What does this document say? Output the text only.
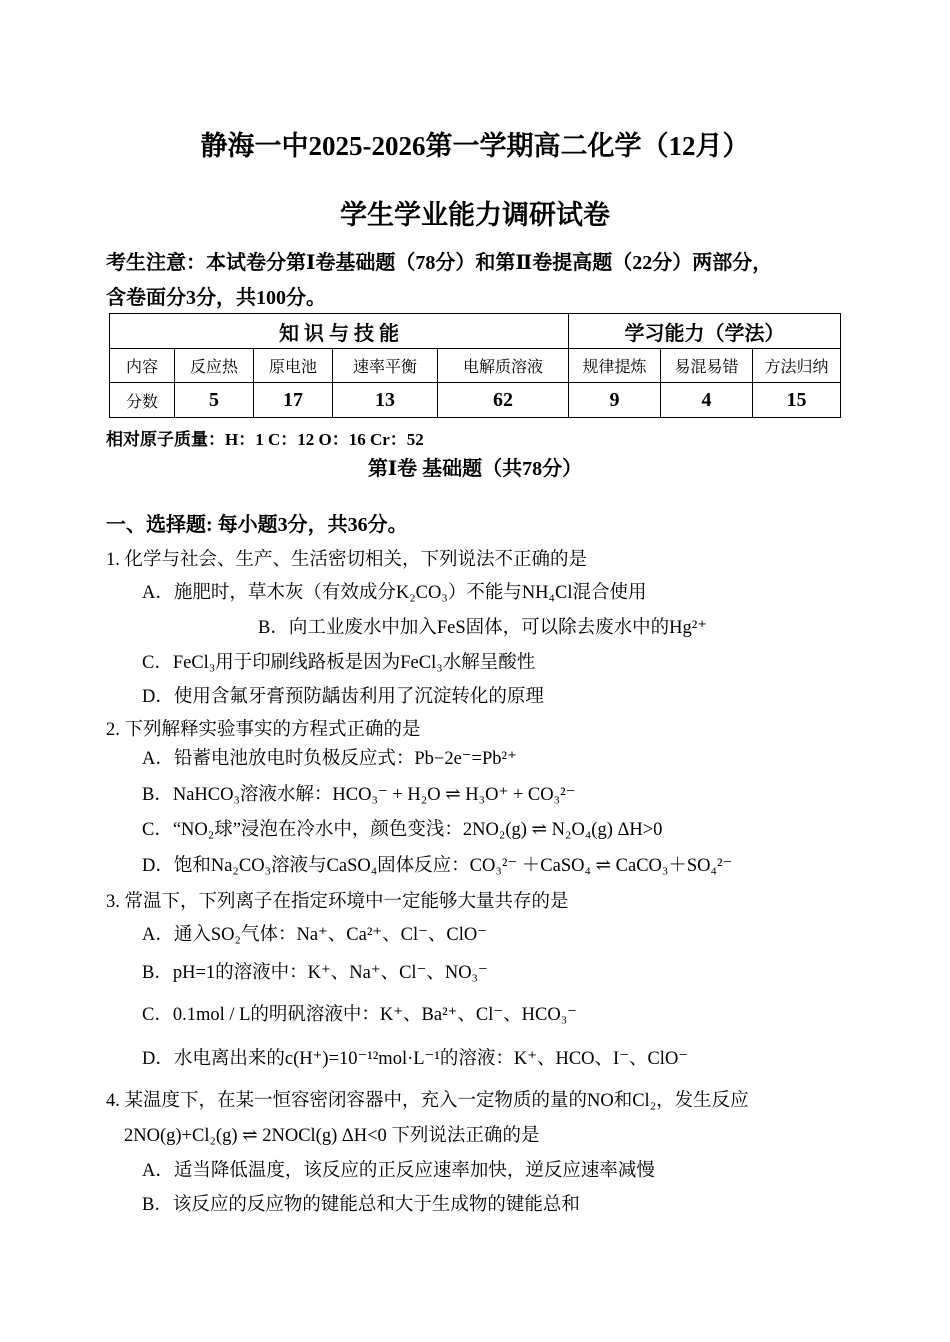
静海一中2025-2026第一学期高二化学（12月）
学生学业能力调研试卷
考生注意：本试卷分第Ⅰ卷基础题（78分）和第Ⅱ卷提高题（22分）两部分，
含卷面分3分，共100分。
知 识 与 技 能					学习能力（学法）		
内容	反应热	原电池	速率平衡	电解质溶液	规律提炼	易混易错	方法归纳
分数	5	17	13	62	9	4	15
相对原子质量：H：1 C：12 O：16 Cr：52
第Ⅰ卷 基础题（共78分）
一、选择题: 每小题3分，共36分。
1. 化学与社会、生产、生活密切相关，下列说法不正确的是
A．施肥时，草木灰（有效成分K₂CO₃）不能与NH₄Cl混合使用
B．向工业废水中加入FeS固体，可以除去废水中的Hg²⁺
C．FeCl₃用于印刷线路板是因为FeCl₃水解呈酸性
D．使用含氟牙膏预防龋齿利用了沉淀转化的原理
2. 下列解释实验事实的方程式正确的是
A．铅蓄电池放电时负极反应式：Pb−2e⁻=Pb²⁺
B．NaHCO₃溶液水解：HCO₃⁻ + H₂O ⇌ H₃O⁺ + CO₃²⁻
C．“NO₂球”浸泡在冷水中，颜色变浅：2NO₂(g) ⇌ N₂O₄(g) ΔH>0
D．饱和Na₂CO₃溶液与CaSO₄固体反应：CO₃²⁻ ＋CaSO₄ ⇌ CaCO₃＋SO₄²⁻
3. 常温下，下列离子在指定环境中一定能够大量共存的是
A．通入SO₂气体：Na⁺、Ca²⁺、Cl⁻、ClO⁻
B．pH=1的溶液中：K⁺、Na⁺、Cl⁻、NO₃⁻
C．0.1mol / L的明矾溶液中：K⁺、Ba²⁺、Cl⁻、HCO₃⁻
D．水电离出来的c(H⁺)=10⁻¹²mol·L⁻¹的溶液：K⁺、HCO、I⁻、ClO⁻
4. 某温度下，在某一恒容密闭容器中，充入一定物质的量的NO和Cl₂，发生反应
2NO(g)+Cl₂(g) ⇌ 2NOCl(g) ΔH<0 下列说法正确的是
A．适当降低温度，该反应的正反应速率加快，逆反应速率减慢
B．该反应的反应物的键能总和大于生成物的键能总和
